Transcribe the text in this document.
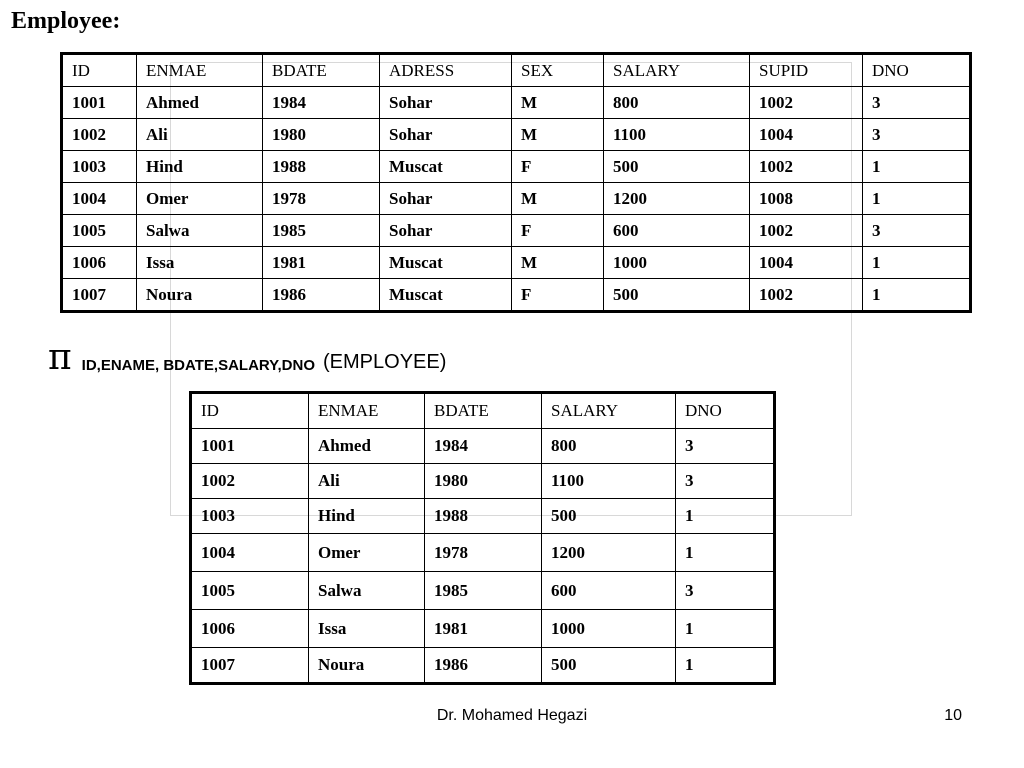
Employee:
ID	ENMAE	BDATE	ADRESS	SEX	SALARY	SUPID	DNO
1001	Ahmed	1984	Sohar	M	800	1002	3
1002	Ali	1980	Sohar	M	1100	1004	3
1003	Hind	1988	Muscat	F	500	1002	1
1004	Omer	1978	Sohar	M	1200	1008	1
1005	Salwa	1985	Sohar	F	600	1002	3
1006	Issa	1981	Muscat	M	1000	1004	1
1007	Noura	1986	Muscat	F	500	1002	1
π ID,ENAME, BDATE,SALARY,DNO (EMPLOYEE)
ID	ENMAE	BDATE	SALARY	DNO
1001	Ahmed	1984	800	3
1002	Ali	1980	1100	3
1003	Hind	1988	500	1
1004	Omer	1978	1200	1
1005	Salwa	1985	600	3
1006	Issa	1981	1000	1
1007	Noura	1986	500	1
Dr. Mohamed Hegazi	10
